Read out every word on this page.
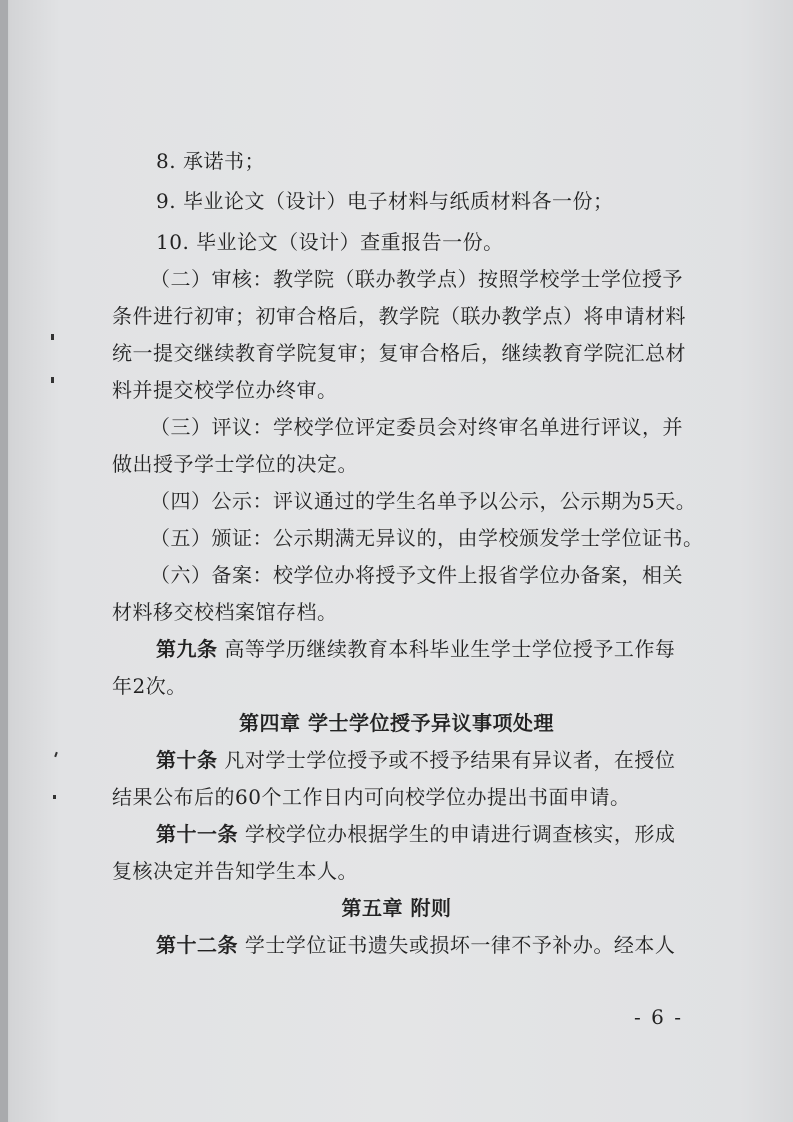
8. 承诺书；
9. 毕业论文（设计）电子材料与纸质材料各一份；
10. 毕业论文（设计）查重报告一份。
（二）审核：教学院（联办教学点）按照学校学士学位授予
条件进行初审；初审合格后，教学院（联办教学点）将申请材料
统一提交继续教育学院复审；复审合格后，继续教育学院汇总材
料并提交校学位办终审。
（三）评议：学校学位评定委员会对终审名单进行评议，并
做出授予学士学位的决定。
（四）公示：评议通过的学生名单予以公示，公示期为5天。
（五）颁证：公示期满无异议的，由学校颁发学士学位证书。
（六）备案：校学位办将授予文件上报省学位办备案，相关
材料移交校档案馆存档。
第九条 高等学历继续教育本科毕业生学士学位授予工作每
年2次。
第四章 学士学位授予异议事项处理
第十条 凡对学士学位授予或不授予结果有异议者，在授位
结果公布后的60个工作日内可向校学位办提出书面申请。
第十一条 学校学位办根据学生的申请进行调查核实，形成
复核决定并告知学生本人。
第五章 附则
第十二条 学士学位证书遗失或损坏一律不予补办。经本人
- 6 -
